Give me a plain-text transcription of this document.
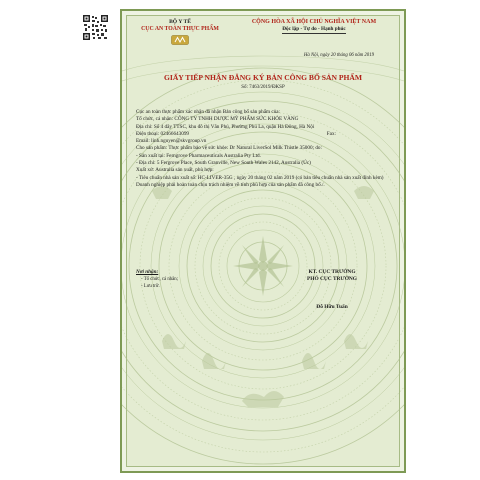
BỘ Y TẾ
CỤC AN TOÀN THỰC PHẨM
CỘNG HÒA XÃ HỘI CHỦ NGHĨA VIỆT NAM
Độc lập - Tự do - Hạnh phúc
Hà Nội, ngày 20 tháng 06 năm 2019
GIẤY TIẾP NHẬN ĐĂNG KÝ BẢN CÔNG BỐ SẢN PHẨM
Số: 7463/2019/ĐKSP
Cục an toàn thực phẩm xác nhận đã nhận Bản công bố sản phẩm của:
Tổ chức, cá nhân: CÔNG TY TNHH DƯỢC MỸ PHẨM SỨC KHỎE VÀNG
Địa chỉ: Số 4 dãy TTSC, khu đô thị Văn Phú, Phường Phú La, quận Hà Đông, Hà Nội
Điện thoại: 02466643099	Fax:
Email: linh.nguyen@skvgroup.vn
Cho sản phẩm: Thực phẩm bảo vệ sức khỏe: Dr Natural LiverSol Milk Thistle 35000; do:
- Sản xuất tại: Ferngrove Pharmaceuticals Australia Pty Ltd.
- Địa chỉ: 5 Fergrove Place, South Granville, New South Wales 2142, Australia (Úc)
Xuất xứ: Australia sản xuất, phù hợp:
- Tiêu chuẩn nhà sản xuất số: HC-LIVER-35G , ngày 20 tháng 02 năm 2019 (có bản tiêu chuẩn nhà sản xuất đính kèm)
Doanh nghiệp phải hoàn toàn chịu trách nhiệm về tính phù hợp của sản phẩm đã công bố./.
Nơi nhận:
- Tổ chức, cá nhân;
- Lưu trữ.
KT. CỤC TRƯỞNG
PHÓ CỤC TRƯỞNG
Đỗ Hữu Tuấn
